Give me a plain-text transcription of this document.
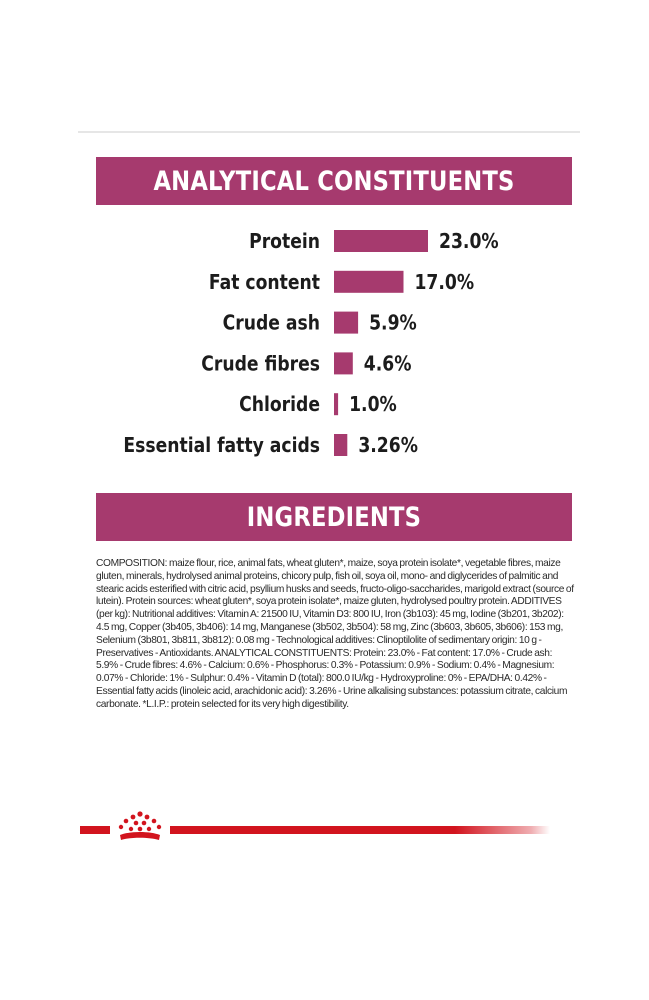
ANALYTICAL CONSTITUENTS
Protein	23.0%
Fat content	17.0%
Crude ash 5.9%
Crude fibres 4.6%
Chloride 1.0%
Essential fatty acids 3.26%
INGREDIENTS
COMPOSITION: maize flour, rice, animal fats, wheat gluten*, maize, soya protein isolate*, vegetable fibres, maize gluten, minerals, hydrolysed animal proteins, chicory pulp, fish oil, soya oil, mono- and diglycerides of palmitic and stearic acids esterified with citric acid, psyllium husks and seeds, fructo-oligo-saccharides, marigold extract (source of lutein). Protein sources: wheat gluten*, soya protein isolate*, maize gluten, hydrolysed poultry protein. ADDITIVES (per kg): Nutritional additives: Vitamin A: 21500 IU, Vitamin D3: 800 IU, Iron (3b103): 45 mg, Iodine (3b201, 3b202): 4.5 mg, Copper (3b405, 3b406): 14 mg, Manganese (3b502, 3b504): 58 mg, Zinc (3b603, 3b605, 3b606): 153 mg, Selenium (3b801, 3b811, 3b812): 0.08 mg - Technological additives: Clinoptilolite of sedimentary origin: 10 g - Preservatives - Antioxidants. ANALYTICAL CONSTITUENTS: Protein: 23.0% - Fat content: 17.0% - Crude ash: 5.9% - Crude fibres: 4.6% - Calcium: 0.6% - Phosphorus: 0.3% - Potassium: 0.9% - Sodium: 0.4% - Magnesium: 0.07% - Chloride: 1% - Sulphur: 0.4% - Vitamin D (total): 800.0 IU/kg - Hydroxyproline: 0% - EPA/DHA: 0.42% - Essential fatty acids (linoleic acid, arachidonic acid): 3.26% - Urine alkalising substances: potassium citrate, calcium carbonate. *L.I.P.: protein selected for its very high digestibility.
